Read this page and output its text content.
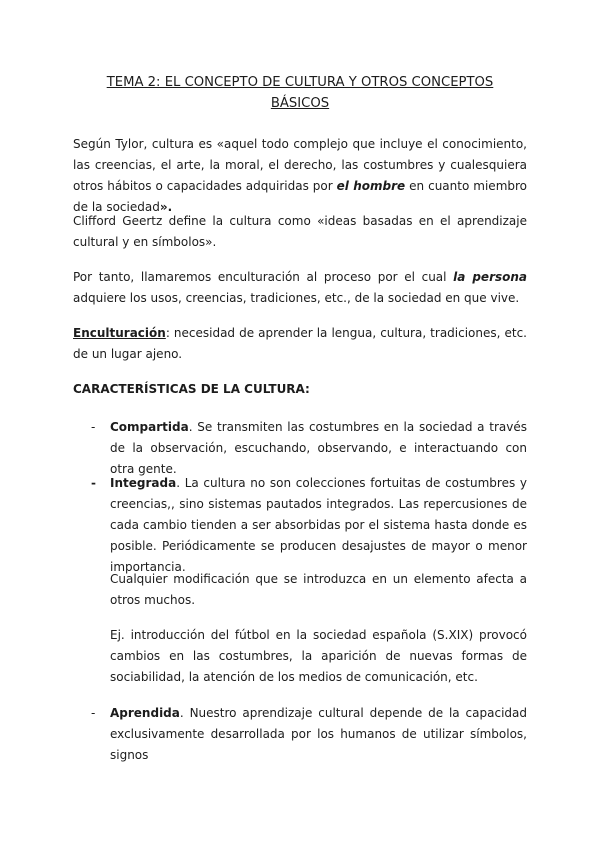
TEMA 2: EL CONCEPTO DE CULTURA Y OTROS CONCEPTOS
BÁSICOS

Según Tylor, cultura es «aquel todo complejo que incluye el conocimiento, las creencias, el arte, la moral, el derecho, las costumbres y cualesquiera otros hábitos o capacidades adquiridas por el hombre en cuanto miembro de la sociedad».

Clifford Geertz define la cultura como «ideas basadas en el aprendizaje cultural y en símbolos».

Por tanto, llamaremos enculturación al proceso por el cual la persona adquiere los usos, creencias, tradiciones, etc., de la sociedad en que vive.

Enculturación: necesidad de aprender la lengua, cultura, tradiciones, etc. de un lugar ajeno.

CARACTERÍSTICAS DE LA CULTURA:
- Compartida. Se transmiten las costumbres en la sociedad a través de la observación, escuchando, observando, e interactuando con otra gente.

- Integrada. La cultura no son colecciones fortuitas de costumbres y creencias,, sino sistemas pautados integrados. Las repercusiones de cada cambio tienden a ser absorbidas por el sistema hasta donde es posible. Periódicamente se producen desajustes de mayor o menor importancia.

Cualquier modificación que se introduzca en un elemento afecta a otros muchos.

Ej. introducción del fútbol en la sociedad española (S.XIX) provocó cambios en las costumbres, la aparición de nuevas formas de sociabilidad, la atención de los medios de comunicación, etc.

- Aprendida. Nuestro aprendizaje cultural depende de la capacidad exclusivamente desarrollada por los humanos de utilizar símbolos, signos
